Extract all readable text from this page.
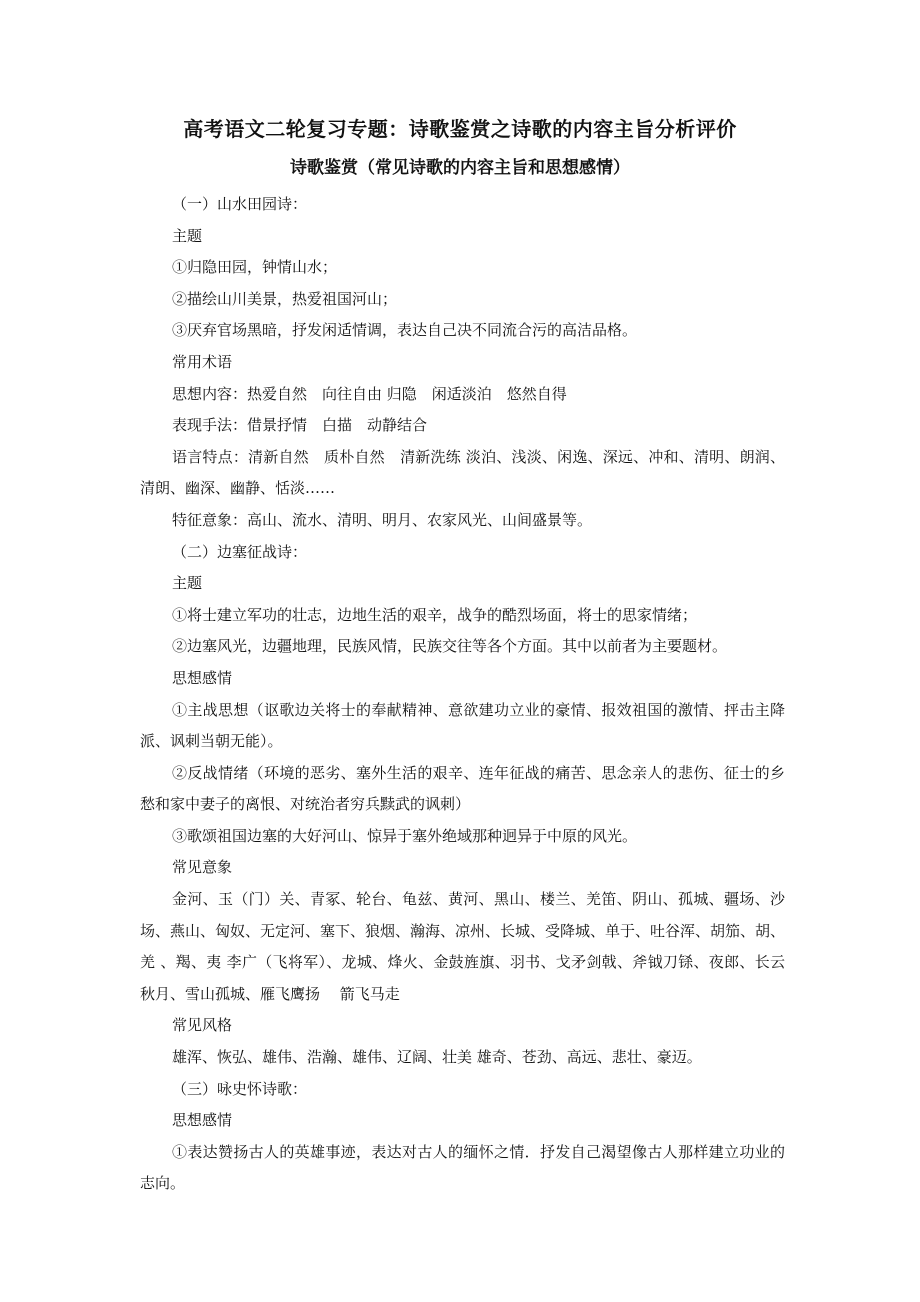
高考语文二轮复习专题：诗歌鉴赏之诗歌的内容主旨分析评价
诗歌鉴赏（常见诗歌的内容主旨和思想感情）

（一）山水田园诗：

主题

①归隐田园，钟情山水；

②描绘山川美景，热爱祖国河山；

③厌弃官场黑暗，抒发闲适情调，表达自己决不同流合污的高洁品格。

常用术语

思想内容：热爱自然　向往自由 归隐　闲适淡泊　悠然自得

表现手法：借景抒情　白描　动静结合

语言特点：清新自然　质朴自然　清新洗练 淡泊、浅淡、闲逸、深远、冲和、清明、朗润、清朗、幽深、幽静、恬淡……

特征意象：高山、流水、清明、明月、农家风光、山间盛景等。

（二）边塞征战诗：

主题

①将士建立军功的壮志，边地生活的艰辛，战争的酷烈场面，将士的思家情绪；

②边塞风光，边疆地理，民族风情，民族交往等各个方面。其中以前者为主要题材。

思想感情

①主战思想（讴歌边关将士的奉献精神、意欲建功立业的豪情、报效祖国的激情、抨击主降派、讽刺当朝无能）。

②反战情绪（环境的恶劣、塞外生活的艰辛、连年征战的痛苦、思念亲人的悲伤、征士的乡愁和家中妻子的离恨、对统治者穷兵黩武的讽刺）

③歌颂祖国边塞的大好河山、惊异于塞外绝域那种迥异于中原的风光。

常见意象

金河、玉（门）关、青冢、轮台、龟兹、黄河、黑山、楼兰、羌笛、阴山、孤城、疆场、沙场、燕山、匈奴、无定河、塞下、狼烟、瀚海、凉州、长城、受降城、单于、吐谷浑、胡笳、胡、羌 、羯、夷 李广（飞将军）、龙城、烽火、金鼓旌旗、羽书、戈矛剑戟、斧钺刀铩、夜郎、长云秋月、雪山孤城、雁飞鹰扬　 箭飞马走

常见风格

雄浑、恢弘、雄伟、浩瀚、雄伟、辽阔、壮美 雄奇、苍劲、高远、悲壮、豪迈。

（三）咏史怀诗歌：

思想感情

①表达赞扬古人的英雄事迹，表达对古人的缅怀之情．抒发自己渴望像古人那样建立功业的志向。
